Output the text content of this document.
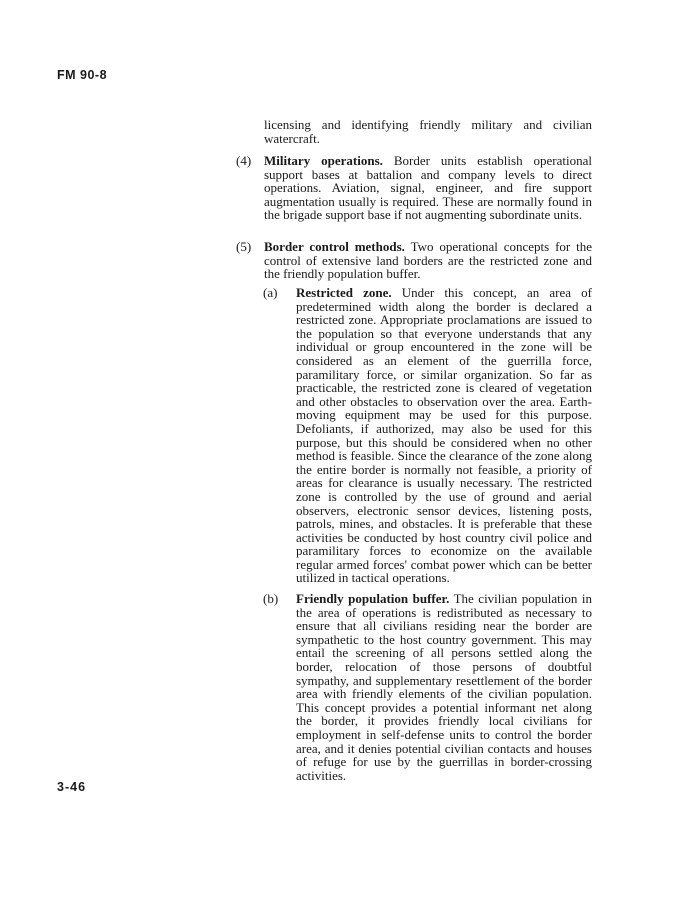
FM 90-8
licensing and identifying friendly military and civilian watercraft.
(4) Military operations. Border units establish operational support bases at battalion and company levels to direct operations. Aviation, signal, engineer, and fire support augmentation usually is required. These are normally found in the brigade support base if not augmenting subordinate units.
(5) Border control methods. Two operational concepts for the control of extensive land borders are the restricted zone and the friendly population buffer.
(a) Restricted zone. Under this concept, an area of predetermined width along the border is declared a restricted zone. Appropriate proclamations are issued to the population so that everyone understands that any individual or group encountered in the zone will be considered as an element of the guerrilla force, paramilitary force, or similar organization. So far as practicable, the restricted zone is cleared of vegetation and other obstacles to observation over the area. Earth-moving equipment may be used for this purpose. Defoliants, if authorized, may also be used for this purpose, but this should be considered when no other method is feasible. Since the clearance of the zone along the entire border is normally not feasible, a priority of areas for clearance is usually necessary. The restricted zone is controlled by the use of ground and aerial observers, electronic sensor devices, listening posts, patrols, mines, and obstacles. It is preferable that these activities be conducted by host country civil police and paramilitary forces to economize on the available regular armed forces' combat power which can be better utilized in tactical operations.
(b) Friendly population buffer. The civilian population in the area of operations is redistributed as necessary to ensure that all civilians residing near the border are sympathetic to the host country government. This may entail the screening of all persons settled along the border, relocation of those persons of doubtful sympathy, and supplementary resettlement of the border area with friendly elements of the civilian population. This concept provides a potential informant net along the border, it provides friendly local civilians for employment in self-defense units to control the border area, and it denies potential civilian contacts and houses of refuge for use by the guerrillas in border-crossing activities.
3-46
